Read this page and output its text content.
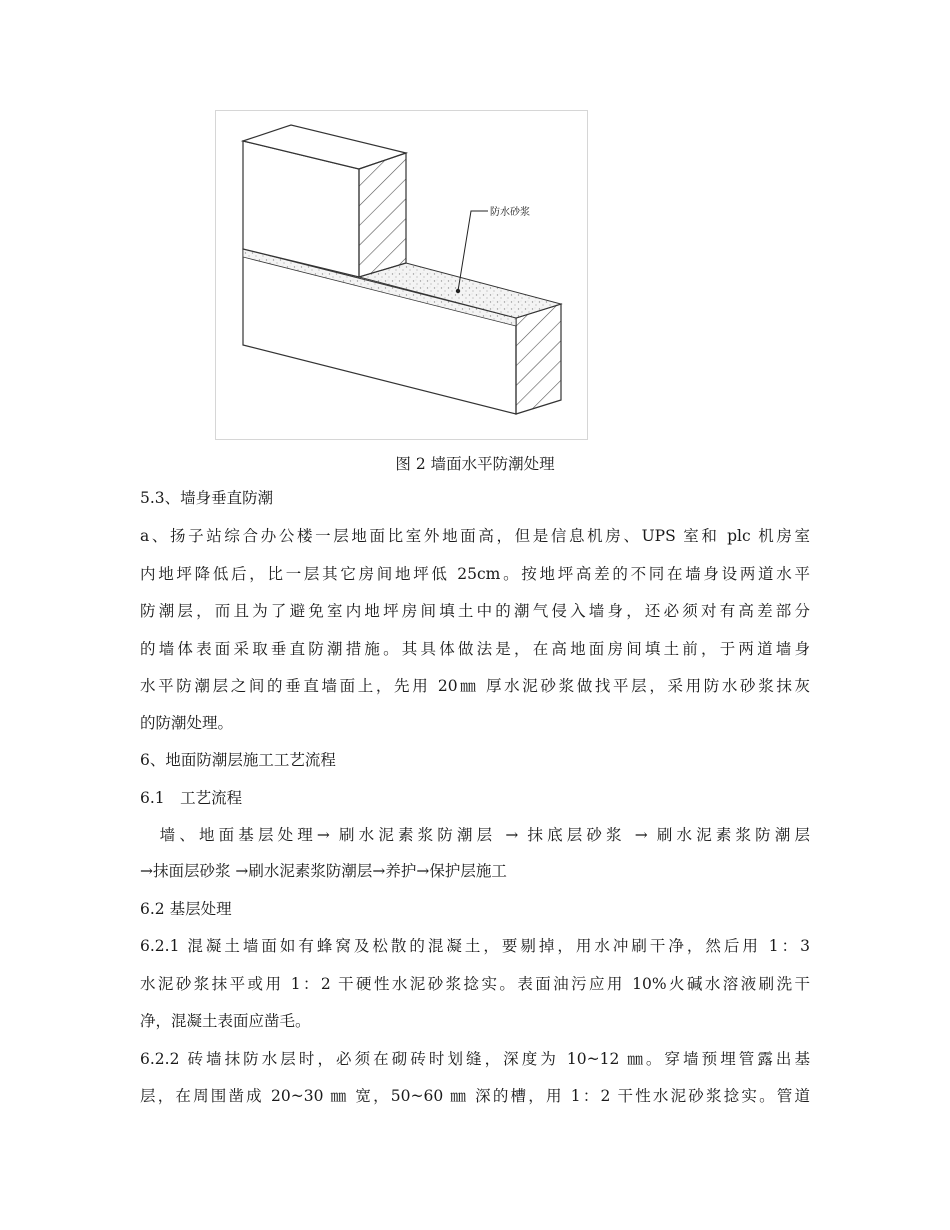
防水砂浆
图 2 墙面水平防潮处理
5.3、墙身垂直防潮
a、扬子站综合办公楼一层地面比室外地面高，但是信息机房、UPS 室和 plc 机房室
内地坪降低后，比一层其它房间地坪低 25cm。按地坪高差的不同在墙身设两道水平
防潮层，而且为了避免室内地坪房间填土中的潮气侵入墙身，还必须对有高差部分
的墙体表面采取垂直防潮措施。其具体做法是，在高地面房间填土前，于两道墙身
水平防潮层之间的垂直墙面上，先用 20㎜ 厚水泥砂浆做找平层，采用防水砂浆抹灰
的防潮处理。
6、地面防潮层施工工艺流程
6.1　工艺流程
　墙、地面基层处理→ 刷水泥素浆防潮层 → 抹底层砂浆 → 刷水泥素浆防潮层
→抹面层砂浆 →刷水泥素浆防潮层→养护→保护层施工
6.2 基层处理
6.2.1 混凝土墙面如有蜂窝及松散的混凝土，要剔掉，用水冲刷干净，然后用 1：3
水泥砂浆抹平或用 1：2 干硬性水泥砂浆捻实。表面油污应用 10%火碱水溶液刷洗干
净，混凝土表面应凿毛。
6.2.2 砖墙抹防水层时，必须在砌砖时划缝，深度为 10~12 ㎜。穿墙预埋管露出基
层，在周围凿成 20~30 ㎜ 宽，50~60 ㎜ 深的槽，用 1：2 干性水泥砂浆捻实。管道
